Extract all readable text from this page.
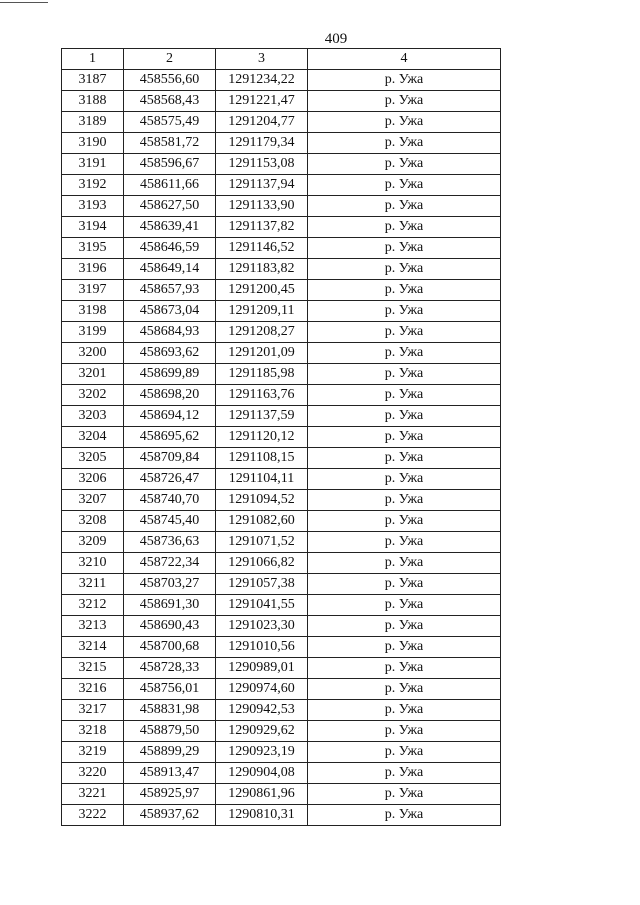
409
1	2	3	4
3187	458556,60	1291234,22	р. Ужа
3188	458568,43	1291221,47	р. Ужа
3189	458575,49	1291204,77	р. Ужа
3190	458581,72	1291179,34	р. Ужа
3191	458596,67	1291153,08	р. Ужа
3192	458611,66	1291137,94	р. Ужа
3193	458627,50	1291133,90	р. Ужа
3194	458639,41	1291137,82	р. Ужа
3195	458646,59	1291146,52	р. Ужа
3196	458649,14	1291183,82	р. Ужа
3197	458657,93	1291200,45	р. Ужа
3198	458673,04	1291209,11	р. Ужа
3199	458684,93	1291208,27	р. Ужа
3200	458693,62	1291201,09	р. Ужа
3201	458699,89	1291185,98	р. Ужа
3202	458698,20	1291163,76	р. Ужа
3203	458694,12	1291137,59	р. Ужа
3204	458695,62	1291120,12	р. Ужа
3205	458709,84	1291108,15	р. Ужа
3206	458726,47	1291104,11	р. Ужа
3207	458740,70	1291094,52	р. Ужа
3208	458745,40	1291082,60	р. Ужа
3209	458736,63	1291071,52	р. Ужа
3210	458722,34	1291066,82	р. Ужа
3211	458703,27	1291057,38	р. Ужа
3212	458691,30	1291041,55	р. Ужа
3213	458690,43	1291023,30	р. Ужа
3214	458700,68	1291010,56	р. Ужа
3215	458728,33	1290989,01	р. Ужа
3216	458756,01	1290974,60	р. Ужа
3217	458831,98	1290942,53	р. Ужа
3218	458879,50	1290929,62	р. Ужа
3219	458899,29	1290923,19	р. Ужа
3220	458913,47	1290904,08	р. Ужа
3221	458925,97	1290861,96	р. Ужа
3222	458937,62	1290810,31	р. Ужа
